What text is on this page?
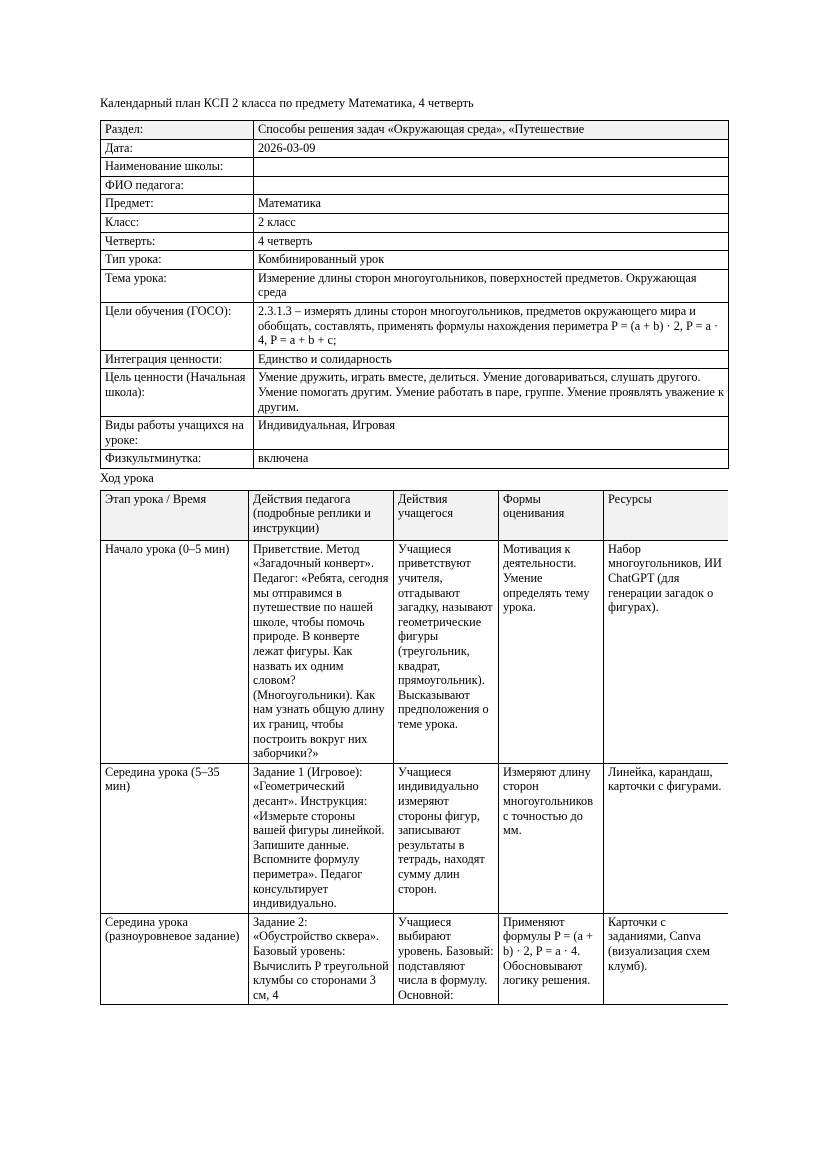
Календарный план КСП 2 класса по предмету Математика, 4 четверть

Раздел:	Способы решения задач «Окружающая среда», «Путешествие
Дата:	2026-03-09
Наименование школы:	
ФИО педагога:	
Предмет:	Математика
Класс:	2 класс
Четверть:	4 четверть
Тип урока:	Комбинированный урок
Тема урока:	Измерение длины сторон многоугольников, поверхностей предметов. Окружающая среда
Цели обучения (ГОСО):	2.3.1.3 – измерять длины сторон многоугольников, предметов окружающего мира и обобщать, составлять, применять формулы нахождения периметра P = (a + b) · 2, P = a · 4, P = a + b + c;
Интеграция ценности:	Единство и солидарность
Цель ценности (Начальная школа):	Умение дружить, играть вместе, делиться. Умение договариваться, слушать другого. Умение помогать другим. Умение работать в паре, группе. Умение проявлять уважение к другим.
Виды работы учащихся на уроке:	Индивидуальная, Игровая
Физкультминутка:	включена

Ход урока

Этап урока / Время	Действия педагога (подробные реплики и инструкции)	Действия учащегося	Формы оценивания	Ресурсы
Начало урока (0–5 мин)	Приветствие. Метод «Загадочный конверт». Педагог: «Ребята, сегодня мы отправимся в путешествие по нашей школе, чтобы помочь природе. В конверте лежат фигуры. Как назвать их одним словом? (Многоугольники). Как нам узнать общую длину их границ, чтобы построить вокруг них заборчики?»	Учащиеся приветствуют учителя, отгадывают загадку, называют геометрические фигуры (треугольник, квадрат, прямоугольник). Высказывают предположения о теме урока.	Мотивация к деятельности. Умение определять тему урока.	Набор многоугольников, ИИ ChatGPT (для генерации загадок о фигурах).
Середина урока (5–35 мин)	Задание 1 (Игровое): «Геометрический десант». Инструкция: «Измерьте стороны вашей фигуры линейкой. Запишите данные. Вспомните формулу периметра». Педагог консультирует индивидуально.	Учащиеся индивидуально измеряют стороны фигур, записывают результаты в тетрадь, находят сумму длин сторон.	Измеряют длину сторон многоугольников с точностью до мм.	Линейка, карандаш, карточки с фигурами.
Середина урока (разноуровневое задание)	Задание 2: «Обустройство сквера». Базовый уровень: Вычислить P треугольной клумбы со сторонами 3 см, 4	Учащиеся выбирают уровень. Базовый: подставляют числа в формулу. Основной:	Применяют формулы P = (a + b) · 2, P = a · 4. Обосновывают логику решения.	Карточки с заданиями, Canva (визуализация схем клумб).
